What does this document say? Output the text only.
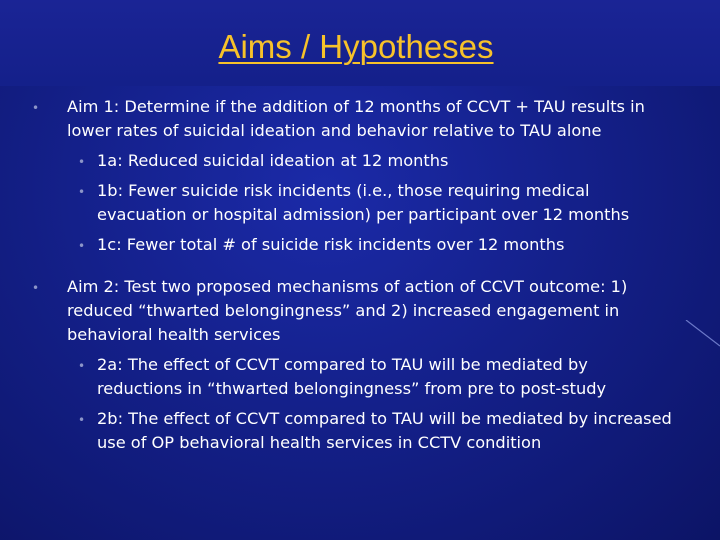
Aims / Hypotheses
• Aim 1: Determine if the addition of 12 months of CCVT + TAU results in lower rates of suicidal ideation and behavior relative to TAU alone
• 1a: Reduced suicidal ideation at 12 months
• 1b: Fewer suicide risk incidents (i.e., those requiring medical evacuation or hospital admission) per participant over 12 months
• 1c: Fewer total # of suicide risk incidents over 12 months
• Aim 2: Test two proposed mechanisms of action of CCVT outcome: 1) reduced “thwarted belongingness” and 2) increased engagement in behavioral health services
• 2a: The effect of CCVT compared to TAU will be mediated by reductions in “thwarted belongingness” from pre to post-study
• 2b: The effect of CCVT compared to TAU will be mediated by increased use of OP behavioral health services in CCTV condition
